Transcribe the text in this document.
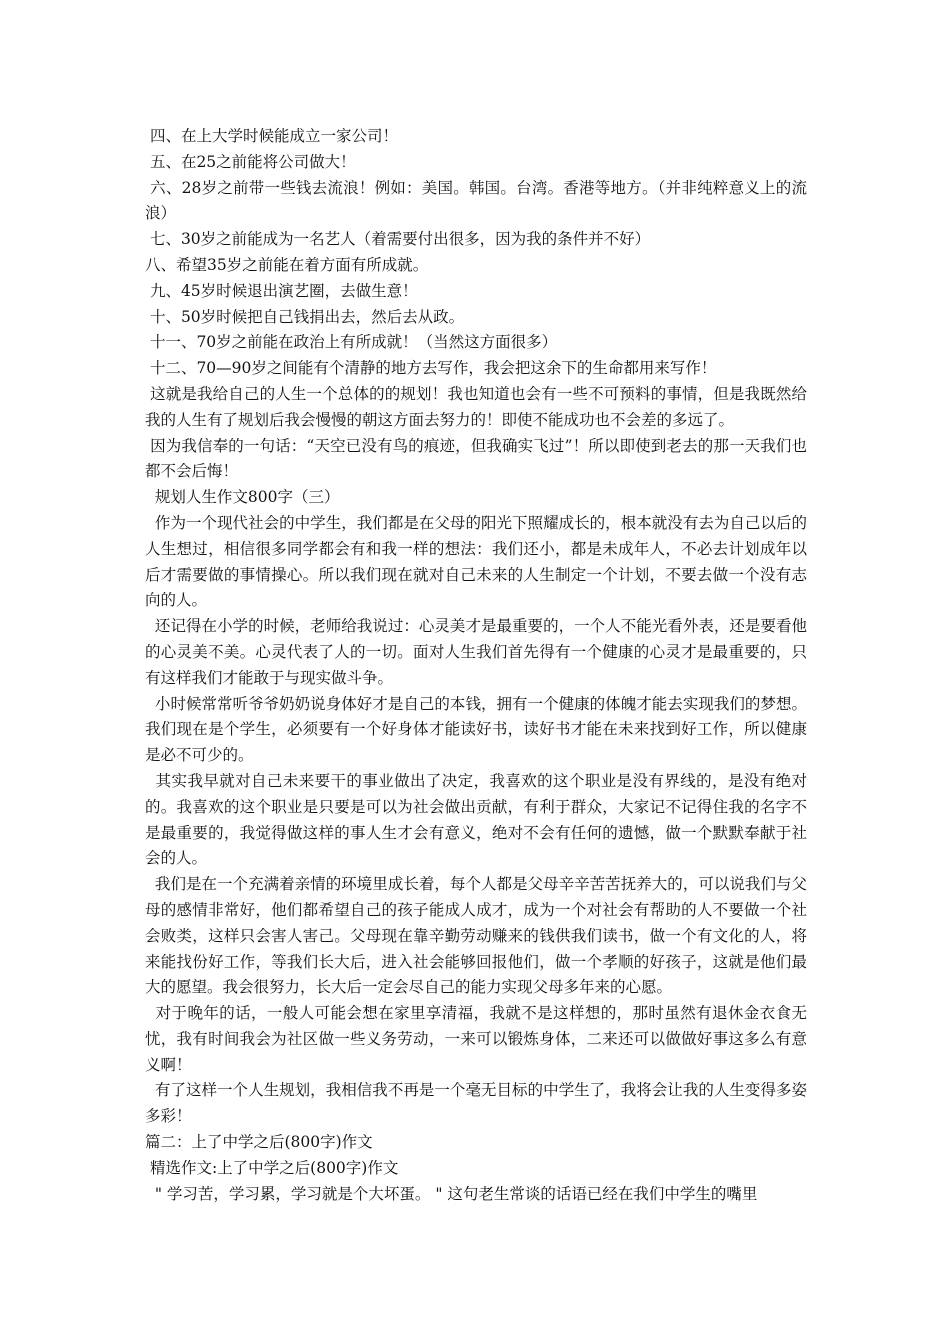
四、在上大学时候能成立一家公司！

五、在25之前能将公司做大！

六、28岁之前带一些钱去流浪！例如：美国。韩国。台湾。香港等地方。（并非纯粹意义上的流浪）

七、30岁之前能成为一名艺人（着需要付出很多，因为我的条件并不好）

八、希望35岁之前能在着方面有所成就。

九、45岁时候退出演艺圈，去做生意！

十、50岁时候把自己钱捐出去，然后去从政。

十一、70岁之前能在政治上有所成就！（当然这方面很多）

十二、70—90岁之间能有个清静的地方去写作，我会把这余下的生命都用来写作！

这就是我给自己的人生一个总体的的规划！我也知道也会有一些不可预料的事情，但是我既然给我的人生有了规划后我会慢慢的朝这方面去努力的！即使不能成功也不会差的多远了。

因为我信奉的一句话：“天空已没有鸟的痕迹，但我确实飞过”！所以即使到老去的那一天我们也都不会后悔！

规划人生作文800字（三）

作为一个现代社会的中学生，我们都是在父母的阳光下照耀成长的，根本就没有去为自己以后的人生想过，相信很多同学都会有和我一样的想法：我们还小，都是未成年人，不必去计划成年以后才需要做的事情操心。所以我们现在就对自己未来的人生制定一个计划，不要去做一个没有志向的人。

还记得在小学的时候，老师给我说过：心灵美才是最重要的，一个人不能光看外表，还是要看他的心灵美不美。心灵代表了人的一切。面对人生我们首先得有一个健康的心灵才是最重要的，只有这样我们才能敢于与现实做斗争。

小时候常常听爷爷奶奶说身体好才是自己的本钱，拥有一个健康的体魄才能去实现我们的梦想。我们现在是个学生，必须要有一个好身体才能读好书，读好书才能在未来找到好工作，所以健康是必不可少的。

其实我早就对自己未来要干的事业做出了决定，我喜欢的这个职业是没有界线的，是没有绝对的。我喜欢的这个职业是只要是可以为社会做出贡献，有利于群众，大家记不记得住我的名字不是最重要的，我觉得做这样的事人生才会有意义，绝对不会有任何的遗憾，做一个默默奉献于社会的人。

我们是在一个充满着亲情的环境里成长着，每个人都是父母辛辛苦苦抚养大的，可以说我们与父母的感情非常好，他们都希望自己的孩子能成人成才，成为一个对社会有帮助的人不要做一个社会败类，这样只会害人害己。父母现在靠辛勤劳动赚来的钱供我们读书，做一个有文化的人，将来能找份好工作，等我们长大后，进入社会能够回报他们，做一个孝顺的好孩子，这就是他们最大的愿望。我会很努力，长大后一定会尽自己的能力实现父母多年来的心愿。

对于晚年的话，一般人可能会想在家里享清福，我就不是这样想的，那时虽然有退休金衣食无忧，我有时间我会为社区做一些义务劳动，一来可以锻炼身体，二来还可以做做好事这多么有意义啊！

有了这样一个人生规划，我相信我不再是一个毫无目标的中学生了，我将会让我的人生变得多姿多彩！

篇二：上了中学之后(800字)作文

精选作文:上了中学之后(800字)作文

" 学习苦，学习累，学习就是个大坏蛋。 " 这句老生常谈的话语已经在我们中学生的嘴里
